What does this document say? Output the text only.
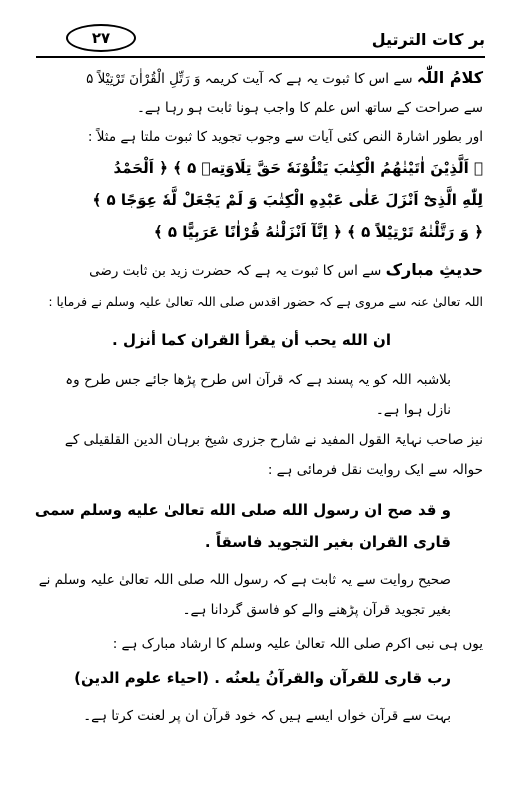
بر کات الترتیل
۲۷
کلامُ اللّٰہ سے اس کا ثبوت یہ ہے کہ آیت کریمہ وَ رَتِّلِ الْقُرْاٰنَ تَرْتِیْلاً ۵
سے صراحت کے ساتھ اس علم کا واجب ہونا ثابت ہو رہا ہے۔
اور بطور اشارۃ النص کئی آیات سے وجوب تجوید کا ثبوت ملتا ہے مثلاً :
﴿ اَلَّذِیْنَ اٰتَیْنٰهُمُ الْكِتٰبَ یَتْلُوْنَهٗ حَقَّ تِلَاوَتِهٖ ۵ ﴾ ﴿ اَلْحَمْدُ
لِلّٰهِ الَّذِیْٓ اَنْزَلَ عَلٰى عَبْدِهِ الْكِتٰبَ وَ لَمْ یَجْعَلْ لَّهٗ عِوَجًا ۵ ﴾
﴿ وَ رَتَّلْنٰهُ تَرْتِیْلاً ۵ ﴾ ﴿ اِنَّآ اَنْزَلْنٰهُ قُرْاٰنًا عَرَبِیًّا ۵ ﴾
حدیثِ مبارک سے اس کا ثبوت یہ ہے کہ حضرت زید بن ثابت رضی
اللہ تعالیٰ عنہ سے مروی ہے کہ حضور اقدس صلی اللہ تعالیٰ علیہ وسلم نے فرمایا :
ان الله یحب أن یقرأ القران كما أنزل .
بلاشبہ اللہ کو یہ پسند ہے کہ قرآن اس طرح پڑھا جائے جس طرح وہ
نازل ہوا ہے۔
نیز صاحب نہایۃ القول المفید نے شارح جزری شیخ برہان الدین القلقیلی کے
حوالہ سے ایک روایت نقل فرمائی ہے :
و قد صح ان رسول الله صلى الله تعالیٰ علیه وسلم سمی
قاری القران بغیر التجوید فاسقاً .
صحیح روایت سے یہ ثابت ہے کہ رسول اللہ صلی اللہ تعالیٰ علیہ وسلم نے
بغیر تجوید قرآن پڑھنے والے کو فاسق گردانا ہے۔
یوں ہی نبی اکرم صلی اللہ تعالیٰ علیہ وسلم کا ارشاد مبارک ہے :
رب قاری للقرآن والقرآنُ یلعنُه . (احیاء علوم الدین)
بہت سے قرآن خواں ایسے ہیں کہ خود قرآن ان پر لعنت کرتا ہے۔
